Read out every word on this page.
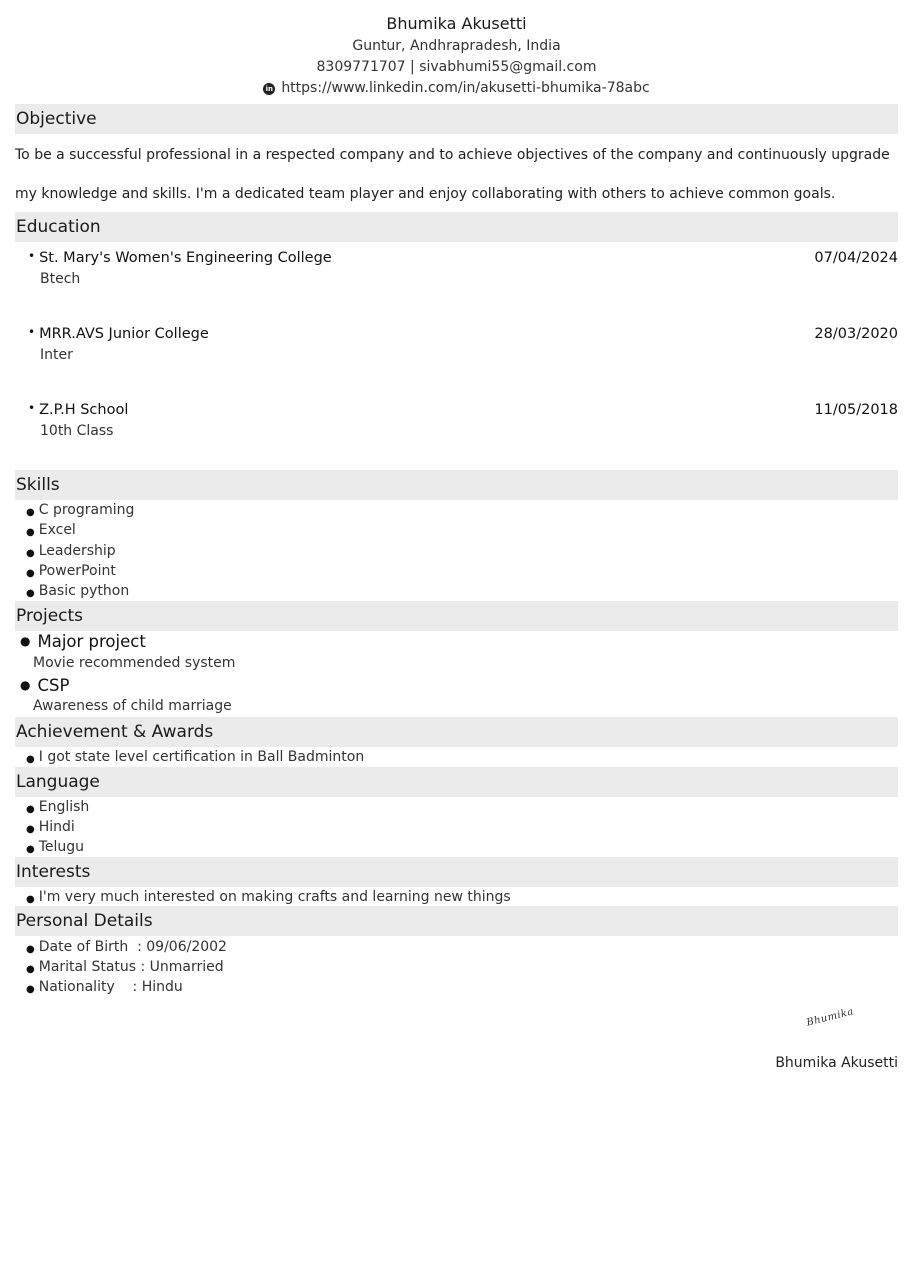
Bhumika Akusetti
Guntur, Andhrapradesh, India
8309771707 | sivabhumi55@gmail.com
in https://www.linkedin.com/in/akusetti-bhumika-78abc
Objective
To be a successful professional in a respected company and to achieve objectives of the company and continuously upgrade
my knowledge and skills. I'm a dedicated team player and enjoy collaborating with others to achieve common goals.
Education
• St. Mary's Women's Engineering College	07/04/2024
Btech
• MRR.AVS Junior College	28/03/2020
Inter
• Z.P.H School	11/05/2018
10th Class
Skills
● C programing
● Excel
● Leadership
● PowerPoint
● Basic python
Projects
● Major project
Movie recommended system
● CSP
Awareness of child marriage
Achievement & Awards
● I got state level certification in Ball Badminton
Language
● English
● Hindi
● Telugu
Interests
● I'm very much interested on making crafts and learning new things
Personal Details
● Date of Birth  : 09/06/2002
● Marital Status : Unmarried
● Nationality    : Hindu
Bhumika
Bhumika Akusetti
